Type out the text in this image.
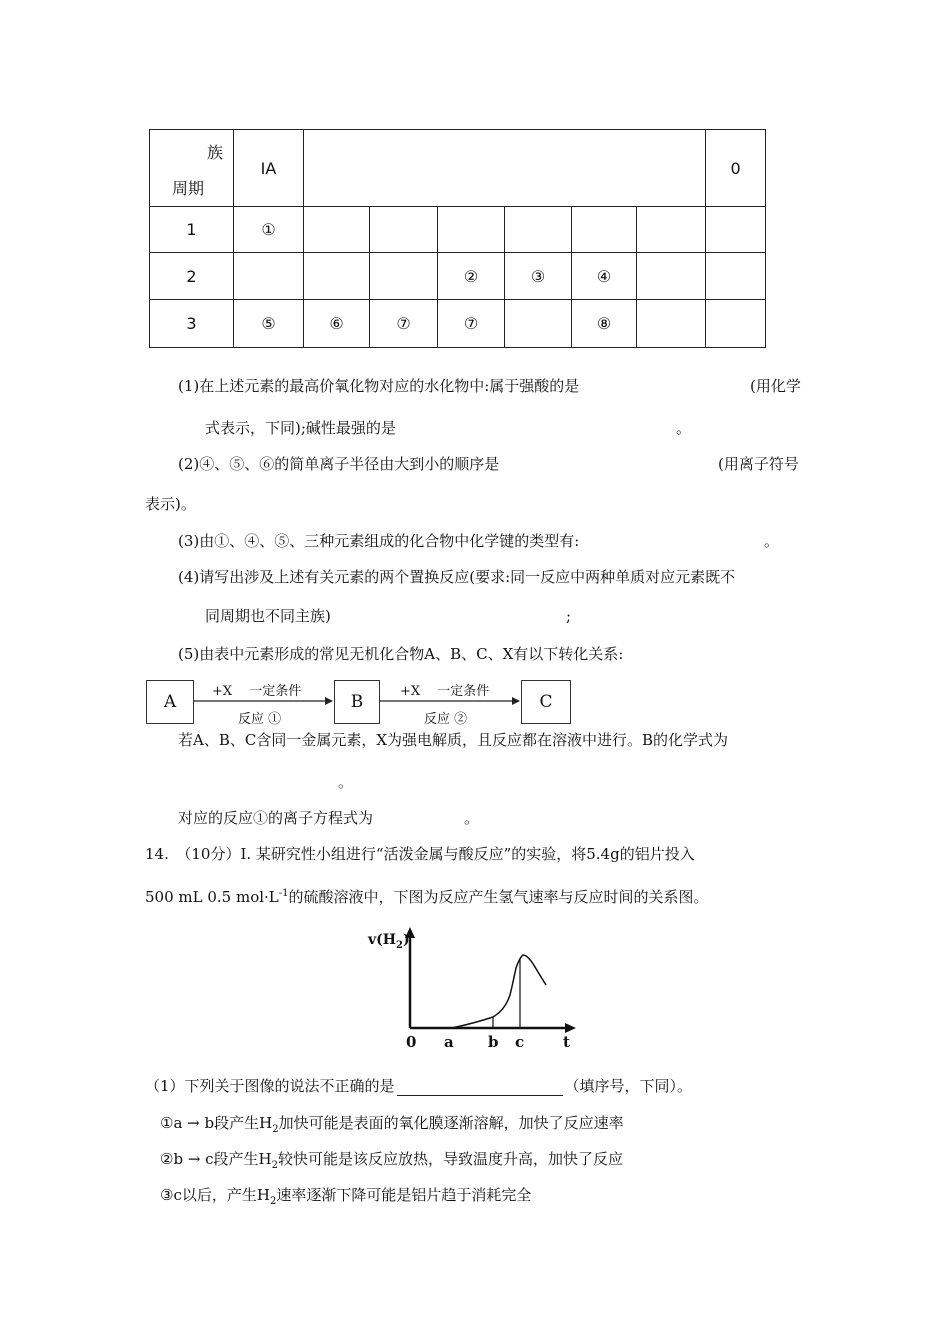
族
周期	IA							0
1	①							
2				②	③	④		
3	⑤	⑥	⑦	⑦		⑧		
(1)在上述元素的最高价氧化物对应的水化物中:属于强酸的是	(用化学
式表示，下同);碱性最强的是	。
(2)④、⑤、⑥的简单离子半径由大到小的顺序是	(用离子符号
表示)。
(3)由①、④、⑤、三种元素组成的化合物中化学键的类型有:	。
(4)请写出涉及上述有关元素的两个置换反应(要求:同一反应中两种单质对应元素既不
同周期也不同主族)	;
(5)由表中元素形成的常见无机化合物A、B、C、X有以下转化关系:
A	B	C
+X　 一定条件
反应 ①
+X　 一定条件
反应 ②
若A、B、C含同一金属元素，X为强电解质，且反应都在溶液中进行。B的化学式为
。
对应的反应①的离子方程式为	。
14.　（10分）I. 某研究性小组进行“活泼金属与酸反应”的实验，将5.4g的铝片投入
500 mL 0.5 $mol\cdot L^{-1}$的硫酸溶液中，下图为反应产生氢气速率与反应时间的关系图。
$v(H_2)$
0 a b c	t
（1）下列关于图像的说法不正确的是	（填序号，下同）。
①a → b段产生$H_2$加快可能是表面的氧化膜逐渐溶解，加快了反应速率
②b → c段产生$H_2$较快可能是该反应放热，导致温度升高，加快了反应
③c以后，产生$H_2$速率逐渐下降可能是铝片趋于消耗完全
